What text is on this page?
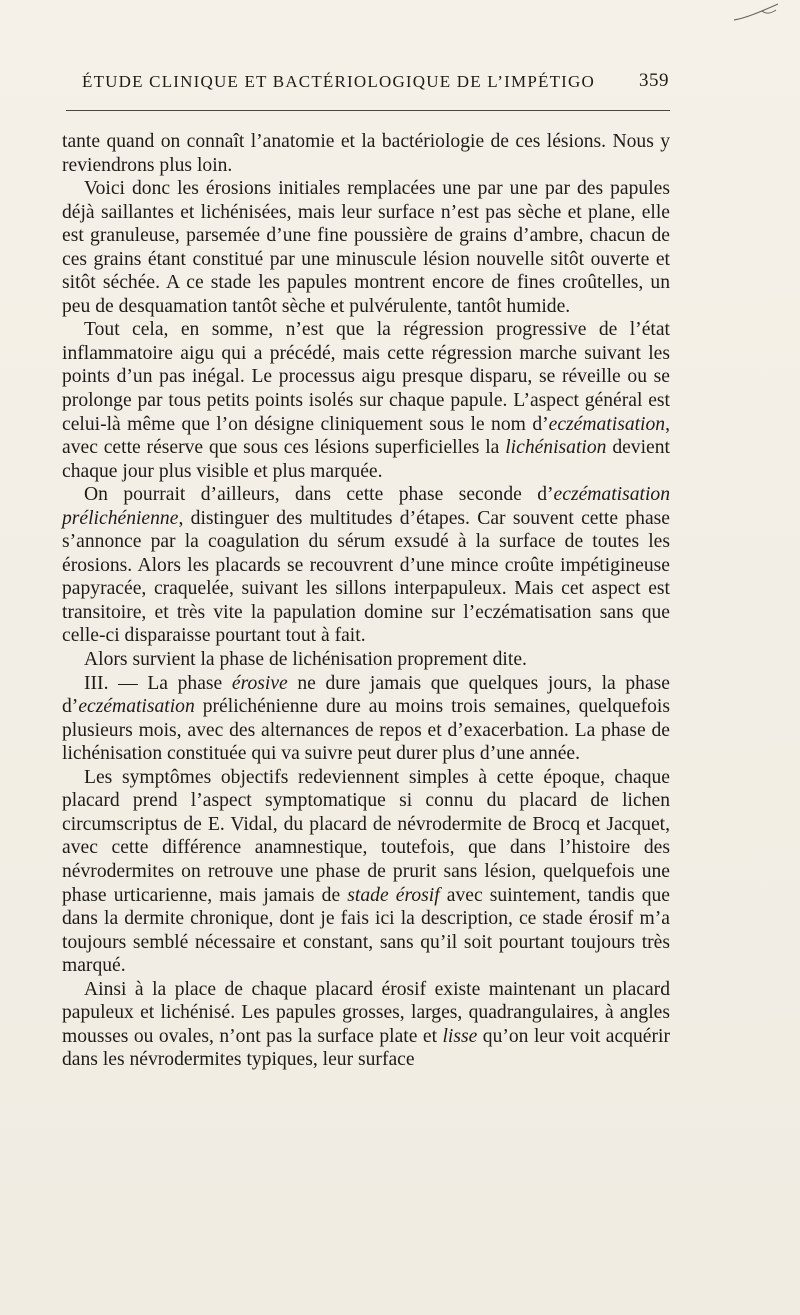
ÉTUDE CLINIQUE ET BACTÉRIOLOGIQUE DE L’IMPÉTIGO 359

tante quand on connaît l’anatomie et la bactériologie de ces lésions. Nous y reviendrons plus loin.

Voici donc les érosions initiales remplacées une par une par des papules déjà saillantes et lichénisées, mais leur surface n’est pas sèche et plane, elle est granuleuse, parsemée d’une fine poussière de grains d’ambre, chacun de ces grains étant constitué par une minuscule lésion nouvelle sitôt ouverte et sitôt séchée. A ce stade les papules montrent encore de fines croûtelles, un peu de desquamation tantôt sèche et pulvérulente, tantôt humide.

Tout cela, en somme, n’est que la régression progressive de l’état inflammatoire aigu qui a précédé, mais cette régression marche suivant les points d’un pas inégal. Le processus aigu presque disparu, se réveille ou se prolonge par tous petits points isolés sur chaque papule. L’aspect général est celui-là même que l’on désigne cliniquement sous le nom d’eczématisation, avec cette réserve que sous ces lésions superficielles la lichénisation devient chaque jour plus visible et plus marquée.

On pourrait d’ailleurs, dans cette phase seconde d’eczématisation prélichénienne, distinguer des multitudes d’étapes. Car souvent cette phase s’annonce par la coagulation du sérum exsudé à la surface de toutes les érosions. Alors les placards se recouvrent d’une mince croûte impétigineuse papyracée, craquelée, suivant les sillons interpapuleux. Mais cet aspect est transitoire, et très vite la papulation domine sur l’eczématisation sans que celle-ci disparaisse pourtant tout à fait.

Alors survient la phase de lichénisation proprement dite.

III. — La phase érosive ne dure jamais que quelques jours, la phase d’eczématisation prélichénienne dure au moins trois semaines, quelquefois plusieurs mois, avec des alternances de repos et d’exacerbation. La phase de lichénisation constituée qui va suivre peut durer plus d’une année.

Les symptômes objectifs redeviennent simples à cette époque, chaque placard prend l’aspect symptomatique si connu du placard de lichen circumscriptus de E. Vidal, du placard de névrodermite de Brocq et Jacquet, avec cette différence anamnestique, toutefois, que dans l’histoire des névrodermites on retrouve une phase de prurit sans lésion, quelquefois une phase urticarienne, mais jamais de stade érosif avec suintement, tandis que dans la dermite chronique, dont je fais ici la description, ce stade érosif m’a toujours semblé nécessaire et constant, sans qu’il soit pourtant toujours très marqué.

Ainsi à la place de chaque placard érosif existe maintenant un placard papuleux et lichénisé. Les papules grosses, larges, quadrangulaires, à angles mousses ou ovales, n’ont pas la surface plate et lisse qu’on leur voit acquérir dans les névrodermites typiques, leur surface
